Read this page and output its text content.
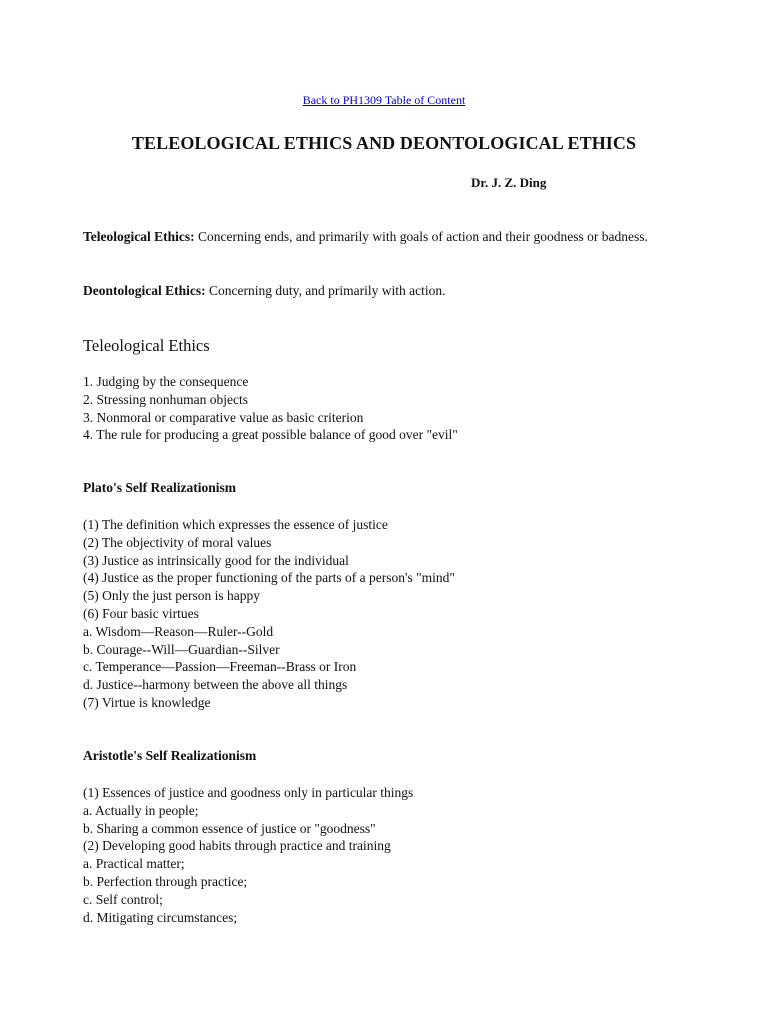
Back to PH1309 Table of Content
TELEOLOGICAL ETHICS AND DEONTOLOGICAL ETHICS
Dr. J. Z. Ding

Teleological Ethics: Concerning ends, and primarily with goals of action and their goodness or badness.

Deontological Ethics: Concerning duty, and primarily with action.

Teleological Ethics
1. Judging by the consequence
2. Stressing nonhuman objects
3. Nonmoral or comparative value as basic criterion
4. The rule for producing a great possible balance of good over "evil"
Plato's Self Realizationism
(1) The definition which expresses the essence of justice
(2) The objectivity of moral values
(3) Justice as intrinsically good for the individual
(4) Justice as the proper functioning of the parts of a person's "mind"
(5) Only the just person is happy
(6) Four basic virtues
a. Wisdom—Reason—Ruler--Gold
b. Courage--Will—Guardian--Silver
c. Temperance—Passion—Freeman--Brass or Iron
d. Justice--harmony between the above all things
(7) Virtue is knowledge
Aristotle's Self Realizationism
(1) Essences of justice and goodness only in particular things
a. Actually in people;
b. Sharing a common essence of justice or "goodness"
(2) Developing good habits through practice and training
a. Practical matter;
b. Perfection through practice;
c. Self control;
d. Mitigating circumstances;
